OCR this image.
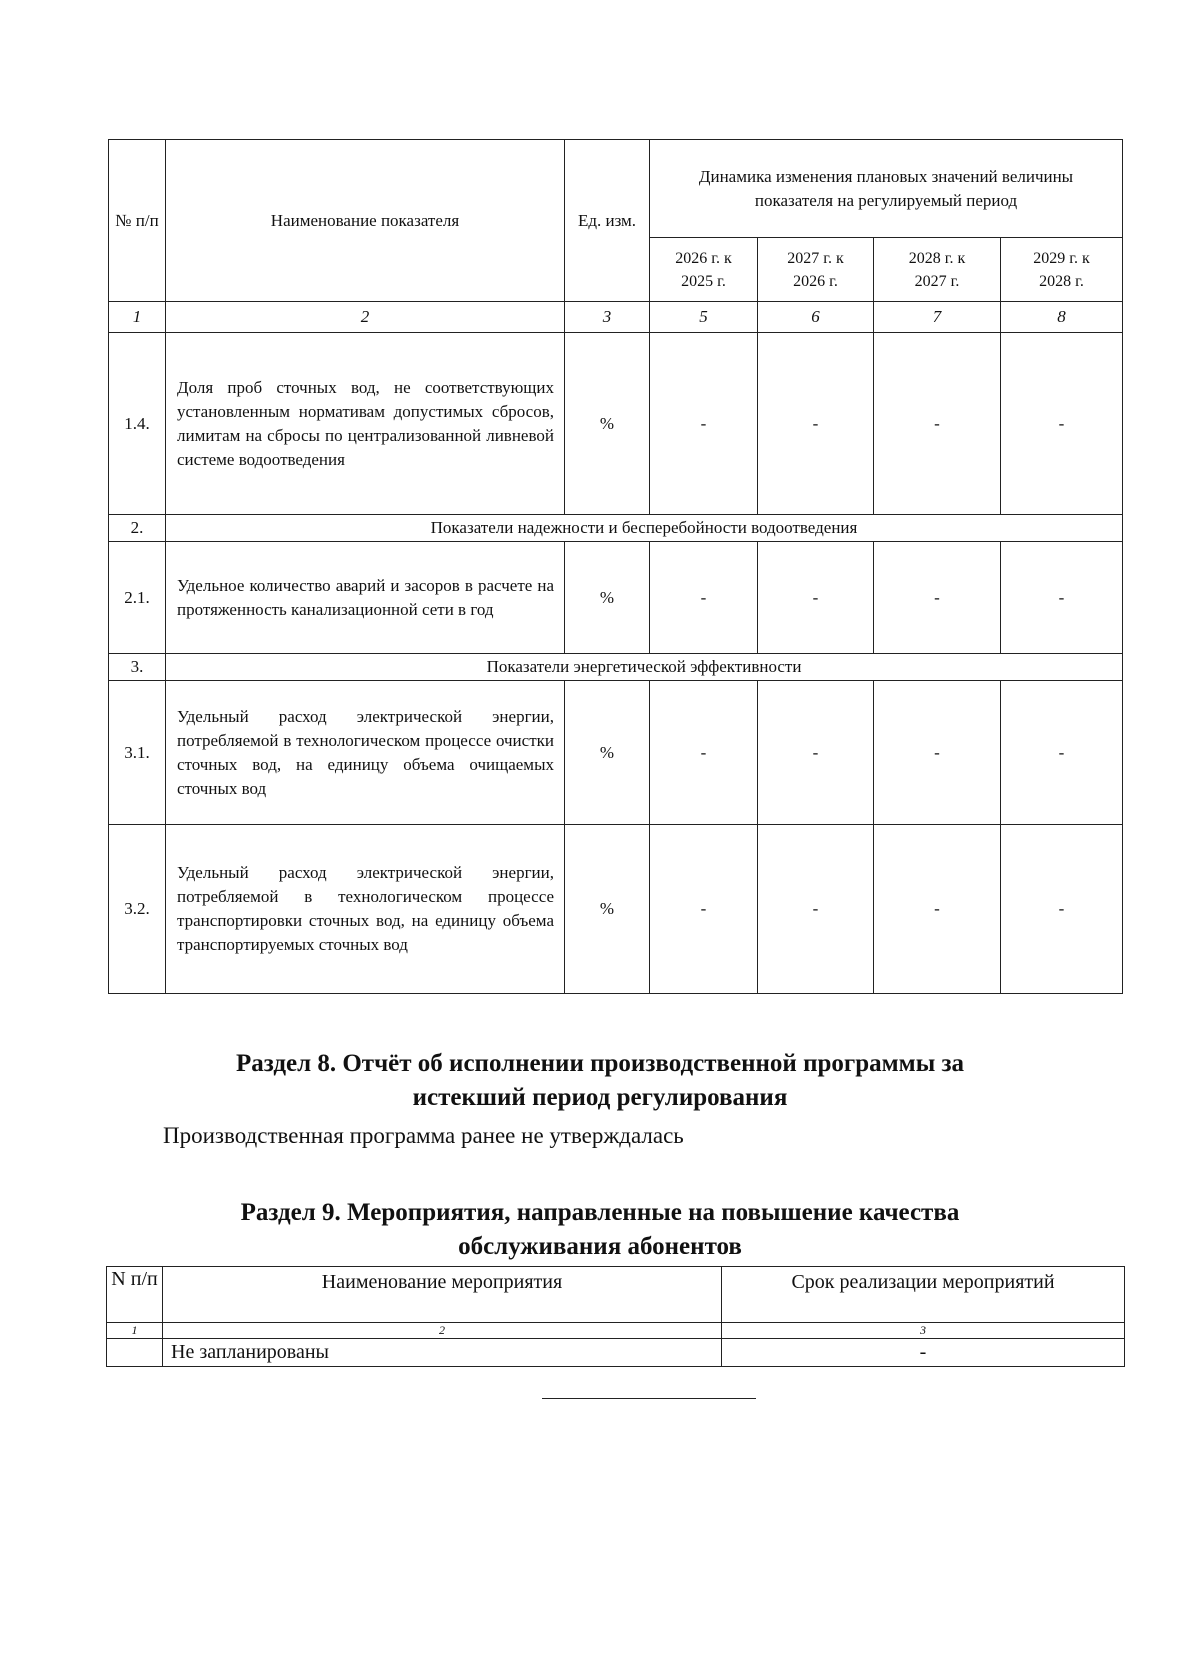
№ п/п	Наименование показателя	Ед. изм.	Динамика изменения плановых значений величины показателя на регулируемый период			
			2026 г. к 2025 г.	2027 г. к 2026 г.	2028 г. к 2027 г.	2029 г. к 2028 г.
1	2	3	5	6	7	8
1.4.	Доля проб сточных вод, не соответствующих установленным нормативам допустимых сбросов, лимитам на сбросы по централизованной ливневой системе водоотведения	%	-	-	-	-
2.	Показатели надежности и бесперебойности водоотведения					
2.1.	Удельное количество аварий и засоров в расчете на протяженность канализационной сети в год	%	-	-	-	-
3.	Показатели энергетической эффективности					
3.1.	Удельный расход электрической энергии, потребляемой в технологическом процессе очистки сточных вод, на единицу объема очищаемых сточных вод	%	-	-	-	-
3.2.	Удельный расход электрической энергии, потребляемой в технологическом процессе транспортировки сточных вод, на единицу объема транспортируемых сточных вод	%	-	-	-	-
Раздел 8. Отчёт об исполнении производственной программы за
истекший период регулирования
Производственная программа ранее не утверждалась
Раздел 9. Мероприятия, направленные на повышение качества
обслуживания абонентов
N п/п	Наименование мероприятия	Срок реализации мероприятий
1	2	3
	Не запланированы	-
